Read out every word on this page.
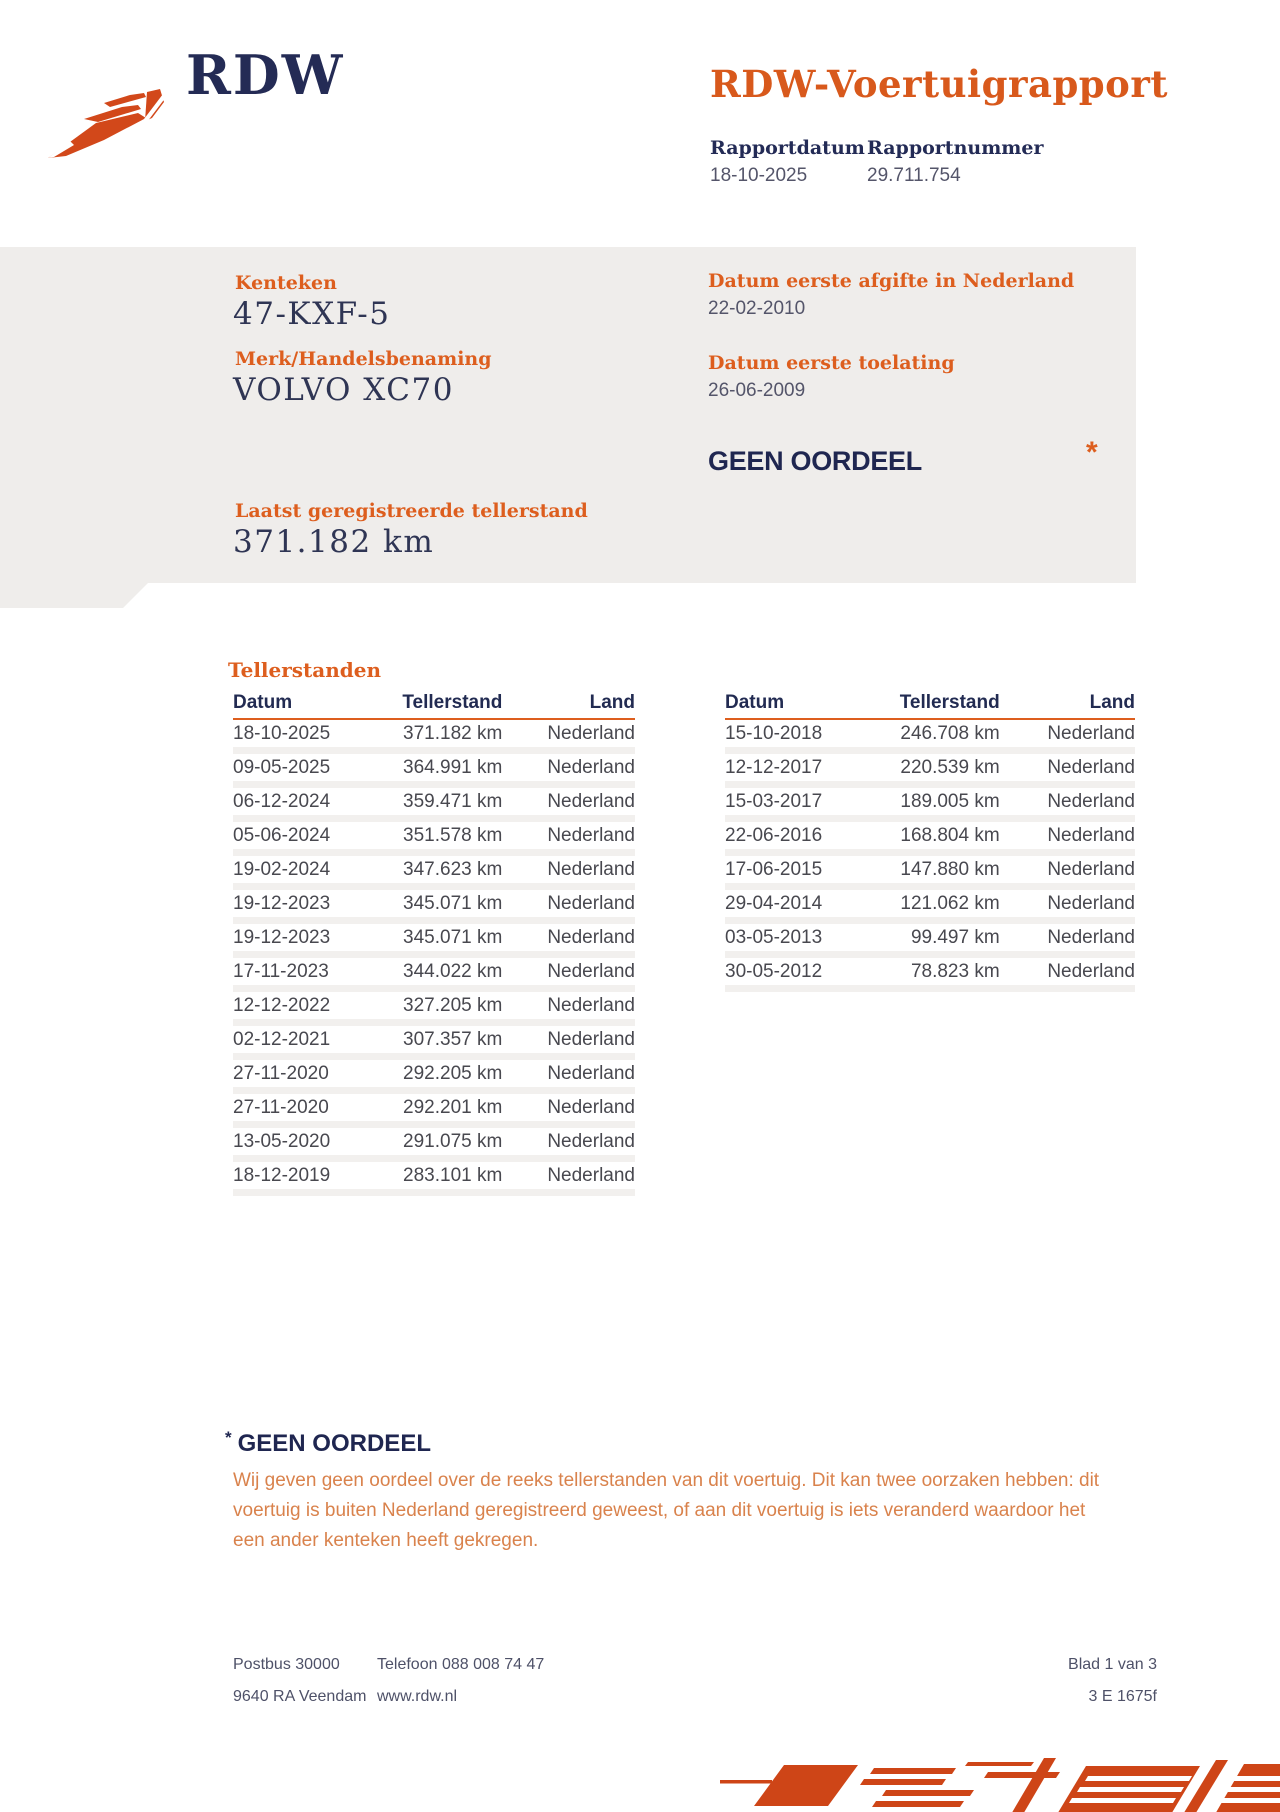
RDW	RDW-Voertuigrapport
Rapportdatum Rapportnummer
18-10-2025	29.711.754
Kenteken
47-KXF-5
Merk/Handelsbenaming
VOLVO XC70
Laatst geregistreerde tellerstand
371.182 km
Datum eerste afgifte in Nederland
22-02-2010
Datum eerste toelating
26-06-2009
GEEN OORDEEL	*
Tellerstanden
Datum	Tellerstand	Land
18-10-2025	371.182 km	Nederland
09-05-2025	364.991 km	Nederland
06-12-2024	359.471 km	Nederland
05-06-2024	351.578 km	Nederland
19-02-2024	347.623 km	Nederland
19-12-2023	345.071 km	Nederland
19-12-2023	345.071 km	Nederland
17-11-2023	344.022 km	Nederland
12-12-2022	327.205 km	Nederland
02-12-2021	307.357 km	Nederland
27-11-2020	292.205 km	Nederland
27-11-2020	292.201 km	Nederland
13-05-2020	291.075 km	Nederland
18-12-2019	283.101 km	Nederland
Datum	Tellerstand	Land
15-10-2018	246.708 km	Nederland
12-12-2017	220.539 km	Nederland
15-03-2017	189.005 km	Nederland
22-06-2016	168.804 km	Nederland
17-06-2015	147.880 km	Nederland
29-04-2014	121.062 km	Nederland
03-05-2013	99.497 km	Nederland
30-05-2012	78.823 km	Nederland
* GEEN OORDEEL
Wij geven geen oordeel over de reeks tellerstanden van dit voertuig. Dit kan twee oorzaken hebben: dit voertuig is buiten Nederland geregistreerd geweest, of aan dit voertuig is iets veranderd waardoor het een ander kenteken heeft gekregen.
Postbus 30000
9640 RA Veendam
Telefoon 088 008 74 47
www.rdw.nl
Blad 1 van 3
3 E 1675f
